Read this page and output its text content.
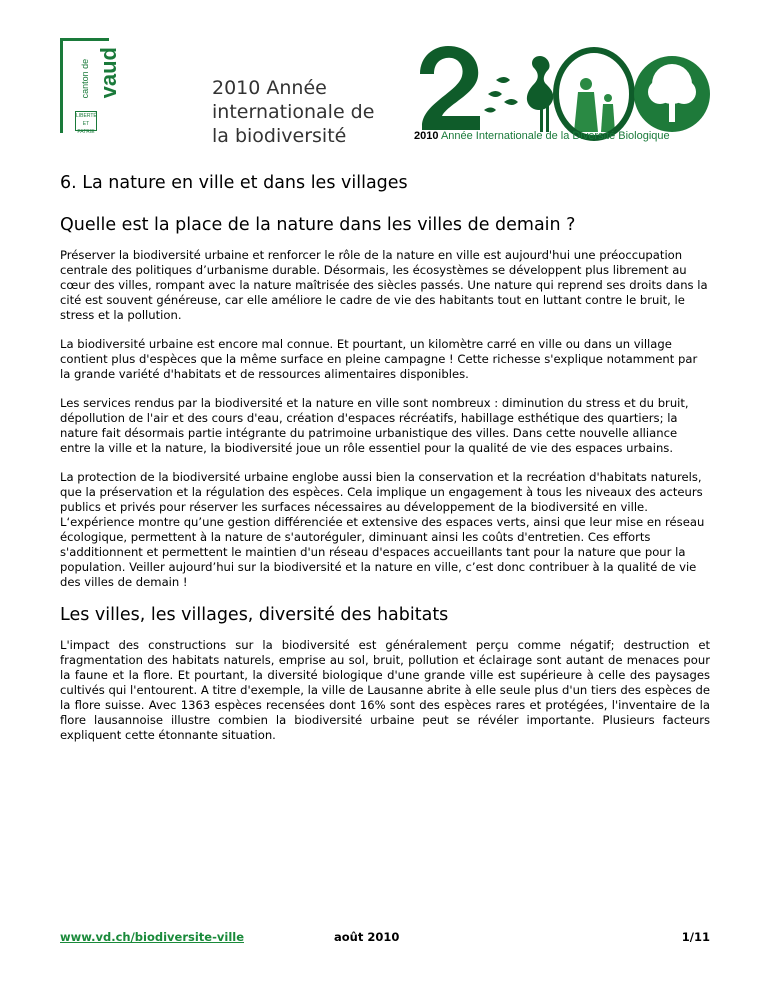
canton de vaud
LIBERTÉ ET PATRIE
2010 Année
internationale de
la biodiversité	2010 Année Internationale de la Diversité Biologique
6. La nature en ville et dans les villages
Quelle est la place de la nature dans les villes de demain ?

Préserver la biodiversité urbaine et renforcer le rôle de la nature en ville est aujourd'hui une préoccupation centrale des politiques d’urbanisme durable. Désormais, les écosystèmes se développent plus librement au cœur des villes, rompant avec la nature maîtrisée des siècles passés. Une nature qui reprend ses droits dans la cité est souvent généreuse, car elle améliore le cadre de vie des habitants tout en luttant contre le bruit, le stress et la pollution.

La biodiversité urbaine est encore mal connue. Et pourtant, un kilomètre carré en ville ou dans un village contient plus d'espèces que la même surface en pleine campagne ! Cette richesse s'explique notamment par la grande variété d'habitats et de ressources alimentaires disponibles.

Les services rendus par la biodiversité et la nature en ville sont nombreux : diminution du stress et du bruit, dépollution de l'air et des cours d'eau, création d'espaces récréatifs, habillage esthétique des quartiers; la nature fait désormais partie intégrante du patrimoine urbanistique des villes. Dans cette nouvelle alliance entre la ville et la nature, la biodiversité joue un rôle essentiel pour la qualité de vie des espaces urbains.

La protection de la biodiversité urbaine englobe aussi bien la conservation et la recréation d'habitats naturels, que la préservation et la régulation des espèces. Cela implique un engagement à tous les niveaux des acteurs publics et privés pour réserver les surfaces nécessaires au développement de la biodiversité en ville. L‘expérience montre qu’une gestion différenciée et extensive des espaces verts, ainsi que leur mise en réseau écologique, permettent à la nature de s'autoréguler, diminuant ainsi les coûts d'entretien. Ces efforts s'additionnent et permettent le maintien d'un réseau d'espaces accueillants tant pour la nature que pour la population. Veiller aujourd’hui sur la biodiversité et la nature en ville, c’est donc contribuer à la qualité de vie des villes de demain !

Les villes, les villages, diversité des habitats

L'impact des constructions sur la biodiversité est généralement perçu comme négatif; destruction et fragmentation des habitats naturels, emprise au sol, bruit, pollution et éclairage sont autant de menaces pour la faune et la flore. Et pourtant, la diversité biologique d'une grande ville est supérieure à celle des paysages cultivés qui l'entourent. A titre d'exemple, la ville de Lausanne abrite à elle seule plus d'un tiers des espèces de la flore suisse. Avec 1363 espèces recensées dont 16% sont des espèces rares et protégées, l'inventaire de la flore lausannoise illustre combien la biodiversité urbaine peut se révéler importante. Plusieurs facteurs expliquent cette étonnante situation.

www.vd.ch/biodiversite-ville	août 2010	1/11
